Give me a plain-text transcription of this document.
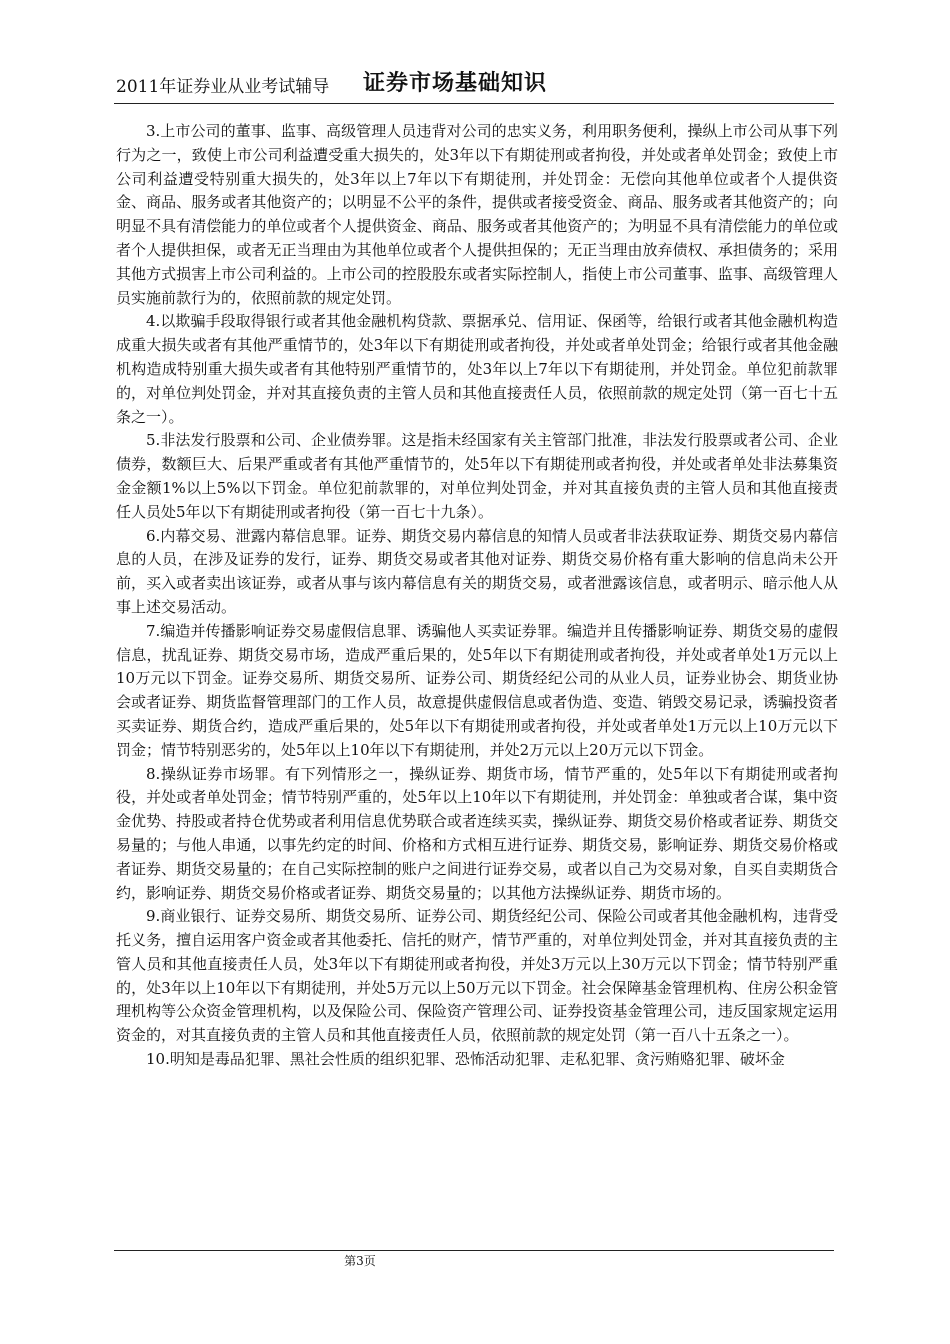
2011年证券业从业考试辅导 证券市场基础知识

3.上市公司的董事、监事、高级管理人员违背对公司的忠实义务，利用职务便利，操纵上市公司从事下列行为之一，致使上市公司利益遭受重大损失的，处3年以下有期徒刑或者拘役，并处或者单处罚金；致使上市公司利益遭受特别重大损失的，处3年以上7年以下有期徒刑，并处罚金：无偿向其他单位或者个人提供资金、商品、服务或者其他资产的；以明显不公平的条件，提供或者接受资金、商品、服务或者其他资产的；向明显不具有清偿能力的单位或者个人提供资金、商品、服务或者其他资产的；为明显不具有清偿能力的单位或者个人提供担保，或者无正当理由为其他单位或者个人提供担保的；无正当理由放弃债权、承担债务的；采用其他方式损害上市公司利益的。上市公司的控股股东或者实际控制人，指使上市公司董事、监事、高级管理人员实施前款行为的，依照前款的规定处罚。

4.以欺骗手段取得银行或者其他金融机构贷款、票据承兑、信用证、保函等，给银行或者其他金融机构造成重大损失或者有其他严重情节的，处3年以下有期徒刑或者拘役，并处或者单处罚金；给银行或者其他金融机构造成特别重大损失或者有其他特别严重情节的，处3年以上7年以下有期徒刑，并处罚金。单位犯前款罪的，对单位判处罚金，并对其直接负责的主管人员和其他直接责任人员，依照前款的规定处罚（第一百七十五条之一）。

5.非法发行股票和公司、企业债券罪。这是指未经国家有关主管部门批准，非法发行股票或者公司、企业债券，数额巨大、后果严重或者有其他严重情节的，处5年以下有期徒刑或者拘役，并处或者单处非法募集资金金额1%以上5%以下罚金。单位犯前款罪的，对单位判处罚金，并对其直接负责的主管人员和其他直接责任人员处5年以下有期徒刑或者拘役（第一百七十九条）。

6.内幕交易、泄露内幕信息罪。证券、期货交易内幕信息的知情人员或者非法获取证券、期货交易内幕信息的人员，在涉及证券的发行，证券、期货交易或者其他对证券、期货交易价格有重大影响的信息尚未公开前，买入或者卖出该证券，或者从事与该内幕信息有关的期货交易，或者泄露该信息，或者明示、暗示他人从事上述交易活动。

7.编造并传播影响证券交易虚假信息罪、诱骗他人买卖证券罪。编造并且传播影响证券、期货交易的虚假信息，扰乱证券、期货交易市场，造成严重后果的，处5年以下有期徒刑或者拘役，并处或者单处1万元以上10万元以下罚金。证券交易所、期货交易所、证券公司、期货经纪公司的从业人员，证券业协会、期货业协会或者证券、期货监督管理部门的工作人员，故意提供虚假信息或者伪造、变造、销毁交易记录，诱骗投资者买卖证券、期货合约，造成严重后果的，处5年以下有期徒刑或者拘役，并处或者单处1万元以上10万元以下罚金；情节特别恶劣的，处5年以上10年以下有期徒刑，并处2万元以上20万元以下罚金。

8.操纵证券市场罪。有下列情形之一，操纵证券、期货市场，情节严重的，处5年以下有期徒刑或者拘役，并处或者单处罚金；情节特别严重的，处5年以上10年以下有期徒刑，并处罚金：单独或者合谋，集中资金优势、持股或者持仓优势或者利用信息优势联合或者连续买卖，操纵证券、期货交易价格或者证券、期货交易量的；与他人串通，以事先约定的时间、价格和方式相互进行证券、期货交易，影响证券、期货交易价格或者证券、期货交易量的；在自己实际控制的账户之间进行证券交易，或者以自己为交易对象，自买自卖期货合约，影响证券、期货交易价格或者证券、期货交易量的；以其他方法操纵证券、期货市场的。

9.商业银行、证券交易所、期货交易所、证券公司、期货经纪公司、保险公司或者其他金融机构，违背受托义务，擅自运用客户资金或者其他委托、信托的财产，情节严重的，对单位判处罚金，并对其直接负责的主管人员和其他直接责任人员，处3年以下有期徒刑或者拘役，并处3万元以上30万元以下罚金；情节特别严重的，处3年以上10年以下有期徒刑，并处5万元以上50万元以下罚金。社会保障基金管理机构、住房公积金管理机构等公众资金管理机构，以及保险公司、保险资产管理公司、证券投资基金管理公司，违反国家规定运用资金的，对其直接负责的主管人员和其他直接责任人员，依照前款的规定处罚（第一百八十五条之一）。

10.明知是毒品犯罪、黑社会性质的组织犯罪、恐怖活动犯罪、走私犯罪、贪污贿赂犯罪、破坏金

第3页
